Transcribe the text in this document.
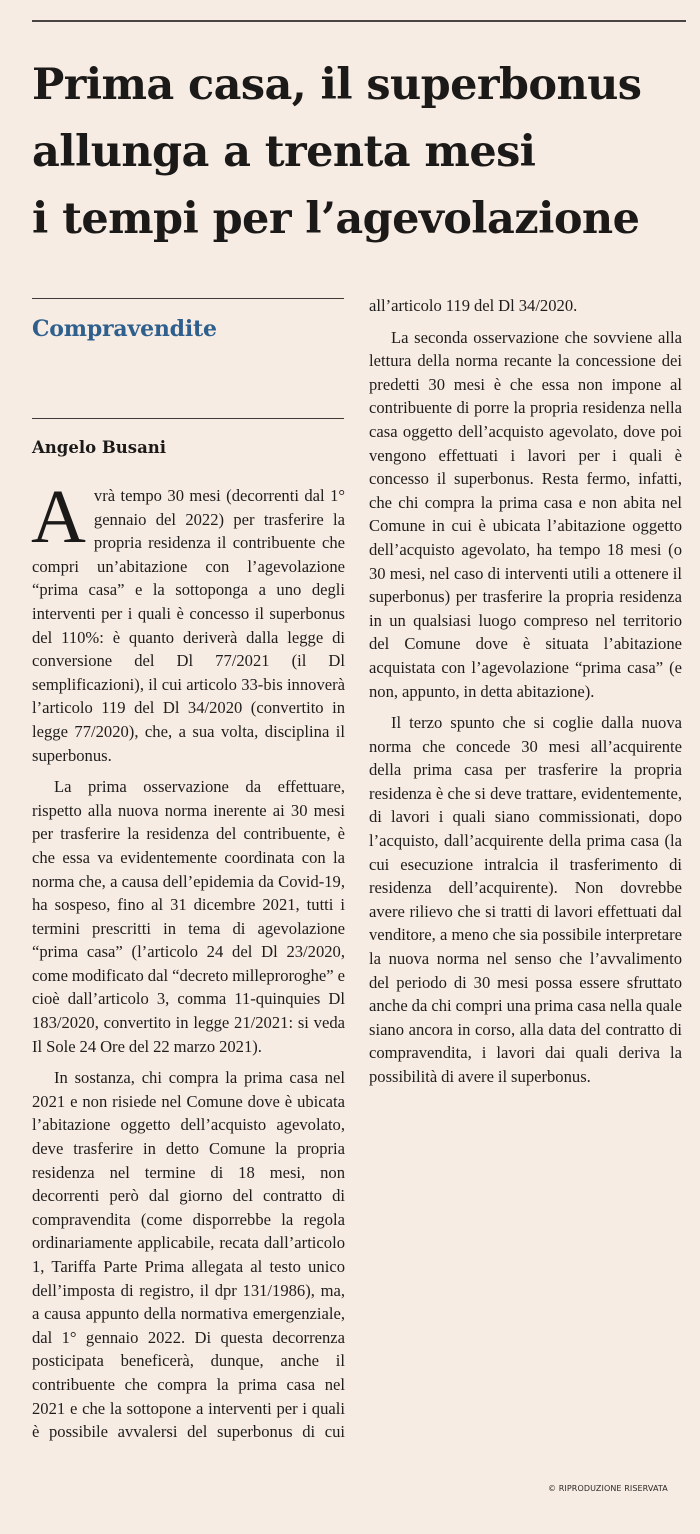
Prima casa, il superbonus
allunga a trenta mesi
i tempi per l’agevolazione
Compravendite
Angelo Busani

Avrà tempo 30 mesi (decorrenti dal 1° gennaio del 2022) per trasferire la propria residenza il contribuente che compri un’abitazione con l’agevolazione “prima casa” e la sottoponga a uno degli interventi per i quali è concesso il superbonus del 110%: è quanto deriverà dalla legge di conversione del Dl 77/2021 (il Dl semplificazioni), il cui articolo 33-bis innoverà l’articolo 119 del Dl 34/2020 (convertito in legge 77/2020), che, a sua volta, disciplina il superbonus.

La prima osservazione da effettuare, rispetto alla nuova norma inerente ai 30 mesi per trasferire la residenza del contribuente, è che essa va evidentemente coordinata con la norma che, a causa dell’epidemia da Covid-19, ha sospeso, fino al 31 dicembre 2021, tutti i termini prescritti in tema di agevolazione “prima casa” (l’articolo 24 del Dl 23/2020, come modificato dal “decreto milleproroghe” e cioè dall’articolo 3, comma 11-quinquies Dl 183/2020, convertito in legge 21/2021: si veda Il Sole 24 Ore del 22 marzo 2021).

In sostanza, chi compra la prima casa nel 2021 e non risiede nel Comune dove è ubicata l’abitazione oggetto dell’acquisto agevolato, deve trasferire in detto Comune la propria residenza nel termine di 18 mesi, non decorrenti però dal giorno del contratto di compravendita (come disporrebbe la regola ordinariamente applicabile, recata dall’articolo 1, Tariffa Parte Prima allegata al testo unico dell’imposta di registro, il dpr 131/1986), ma, a causa appunto della normativa emergenziale, dal 1° gennaio 2022. Di questa decorrenza posticipata beneficerà, dunque, anche il contribuente che compra la prima casa nel 2021 e che la sottopone a interventi per i quali è possibile avvalersi del superbonus di cui

all’articolo 119 del Dl 34/2020.

La seconda osservazione che sovviene alla lettura della norma recante la concessione dei predetti 30 mesi è che essa non impone al contribuente di porre la propria residenza nella casa oggetto dell’acquisto agevolato, dove poi vengono effettuati i lavori per i quali è concesso il superbonus. Resta fermo, infatti, che chi compra la prima casa e non abita nel Comune in cui è ubicata l’abitazione oggetto dell’acquisto agevolato, ha tempo 18 mesi (o 30 mesi, nel caso di interventi utili a ottenere il superbonus) per trasferire la propria residenza in un qualsiasi luogo compreso nel territorio del Comune dove è situata l’abitazione acquistata con l’agevolazione “prima casa” (e non, appunto, in detta abitazione).

Il terzo spunto che si coglie dalla nuova norma che concede 30 mesi all’acquirente della prima casa per trasferire la propria residenza è che si deve trattare, evidentemente, di lavori i quali siano commissionati, dopo l’acquisto, dall’acquirente della prima casa (la cui esecuzione intralcia il trasferimento di residenza dell’acquirente). Non dovrebbe avere rilievo che si tratti di lavori effettuati dal venditore, a meno che sia possibile interpretare la nuova norma nel senso che l’avvalimento del periodo di 30 mesi possa essere sfruttato anche da chi compri una prima casa nella quale siano ancora in corso, alla data del contratto di compravendita, i lavori dai quali deriva la possibilità di avere il superbonus.

© RIPRODUZIONE RISERVATA
